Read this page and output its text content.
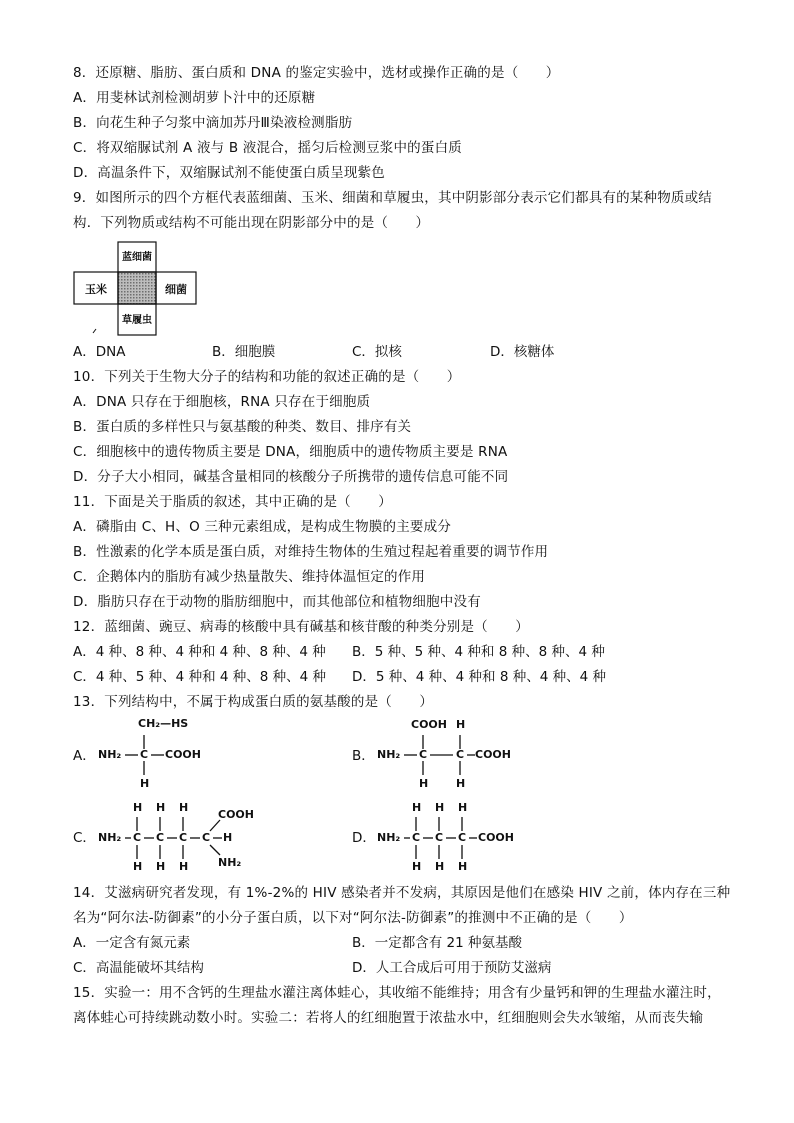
8．还原糖、脂肪、蛋白质和 DNA 的鉴定实验中，选材或操作正确的是（　　）
A．用斐林试剂检测胡萝卜汁中的还原糖
B．向花生种子匀浆中滴加苏丹Ⅲ染液检测脂肪
C．将双缩脲试剂 A 液与 B 液混合，摇匀后检测豆浆中的蛋白质
D．高温条件下，双缩脲试剂不能使蛋白质呈现紫色
9．如图所示的四个方框代表蓝细菌、玉米、细菌和草履虫，其中阴影部分表示它们都具有的某种物质或结
构．下列物质或结构不可能出现在阴影部分中的是（　　）
蓝细菌
玉米	细菌
草履虫
A．DNA	B．细胞膜	C．拟核	D．核糖体
10．下列关于生物大分子的结构和功能的叙述正确的是（　　）
A．DNA 只存在于细胞核，RNA 只存在于细胞质
B．蛋白质的多样性只与氨基酸的种类、数目、排序有关
C．细胞核中的遗传物质主要是 DNA，细胞质中的遗传物质主要是 RNA
D．分子大小相同，碱基含量相同的核酸分子所携带的遗传信息可能不同
11．下面是关于脂质的叙述，其中正确的是（　　）
A．磷脂由 C、H、O 三种元素组成，是构成生物膜的主要成分
B．性激素的化学本质是蛋白质，对维持生物体的生殖过程起着重要的调节作用
C．企鹅体内的脂肪有减少热量散失、维持体温恒定的作用
D．脂肪只存在于动物的脂肪细胞中，而其他部位和植物细胞中没有
12．蓝细菌、豌豆、病毒的核酸中具有碱基和核苷酸的种类分别是（　　）
A．4 种、8 种、4 种和 4 种、8 种、4 种 B．5 种、5 种、4 种和 8 种、8 种、4 种
C．4 种、5 种、4 种和 4 种、8 种、4 种 D．5 种、4 种、4 种和 8 种、4 种、4 种
13．下列结构中，不属于构成蛋白质的氨基酸的是（　　）
A．
CH₂—HS
NH₂ C COOH
H
B．
COOH H
NH₂ C	C COOH
H	H
C．
H H H
COOH
NH₂ C C C C H
H H H	NH₂
D．
H H H
NH₂ C C C COOH
H H H
14．艾滋病研究者发现，有 1%-2%的 HIV 感染者并不发病，其原因是他们在感染 HIV 之前，体内存在三种
名为“阿尔法-防御素”的小分子蛋白质，以下对“阿尔法-防御素”的推测中不正确的是（　　）
A．一定含有氮元素	B．一定都含有 21 种氨基酸
C．高温能破坏其结构	D．人工合成后可用于预防艾滋病
15．实验一：用不含钙的生理盐水灌注离体蛙心，其收缩不能维持；用含有少量钙和钾的生理盐水灌注时，
离体蛙心可持续跳动数小时。实验二：若将人的红细胞置于浓盐水中，红细胞则会失水皱缩，从而丧失输
